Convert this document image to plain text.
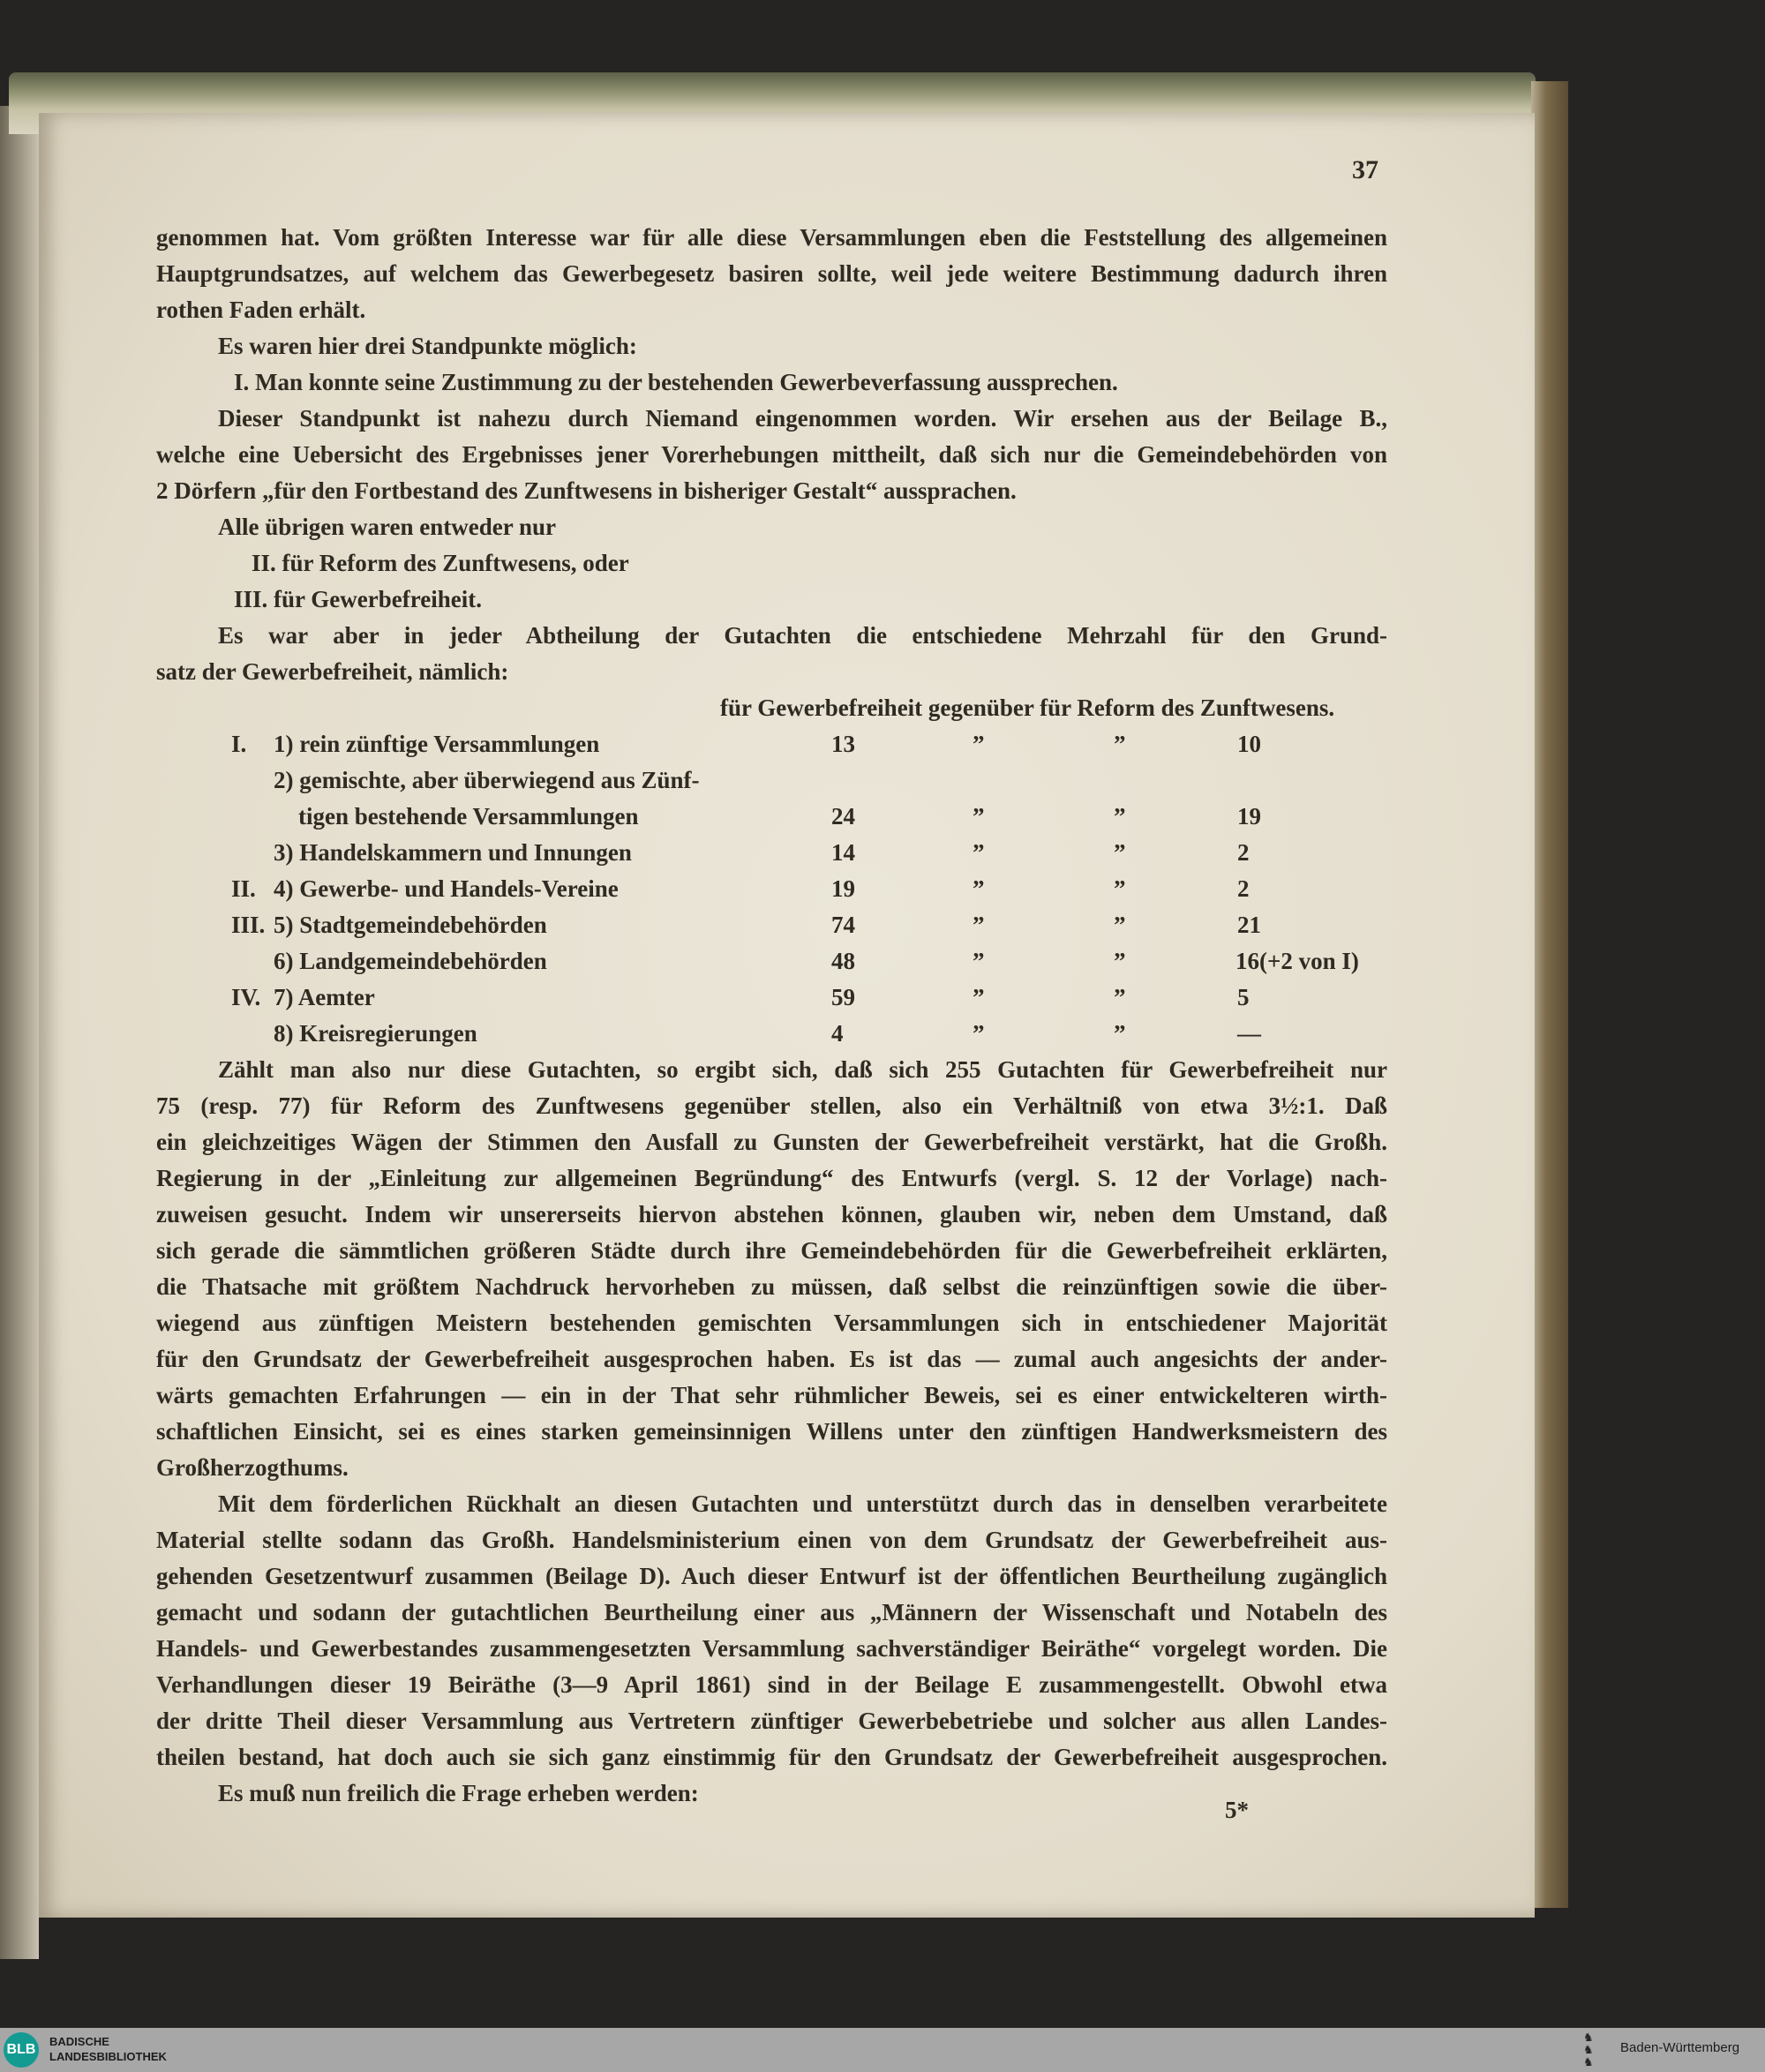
37
genommen hat. Vom größten Interesse war für alle diese Versammlungen eben die Feststellung des allgemeinen
Hauptgrundsatzes, auf welchem das Gewerbegesetz basiren sollte, weil jede weitere Bestimmung dadurch ihren
rothen Faden erhält.
Es waren hier drei Standpunkte möglich:
I. Man konnte seine Zustimmung zu der bestehenden Gewerbeverfassung aussprechen.
Dieser Standpunkt ist nahezu durch Niemand eingenommen worden. Wir ersehen aus der Beilage B.,
welche eine Uebersicht des Ergebnisses jener Vorerhebungen mittheilt, daß sich nur die Gemeindebehörden von
2 Dörfern „für den Fortbestand des Zunftwesens in bisheriger Gestalt“ aussprachen.
Alle übrigen waren entweder nur
II. für Reform des Zunftwesens, oder
III. für Gewerbefreiheit.
Es war aber in jeder Abtheilung der Gutachten die entschiedene Mehrzahl für den Grund-
satz der Gewerbefreiheit, nämlich:
für Gewerbefreiheit gegenüber für Reform des Zunftwesens.
I. 1) rein zünftige Versammlungen	13	”	”	10
2) gemischte, aber überwiegend aus Zünf-
tigen bestehende Versammlungen	24	”	”	19
3) Handelskammern und Innungen	14	”	”	2
II. 4) Gewerbe- und Handels-Vereine	19	”	”	2
III. 5) Stadtgemeindebehörden	74	”	”	21
6) Landgemeindebehörden	48	”	”	16(+2 von I)
IV. 7) Aemter	59	”	”	5
8) Kreisregierungen	4	”	”	—
Zählt man also nur diese Gutachten, so ergibt sich, daß sich 255 Gutachten für Gewerbefreiheit nur
75 (resp. 77) für Reform des Zunftwesens gegenüber stellen, also ein Verhältniß von etwa 3½:1. Daß
ein gleichzeitiges Wägen der Stimmen den Ausfall zu Gunsten der Gewerbefreiheit verstärkt, hat die Großh.
Regierung in der „Einleitung zur allgemeinen Begründung“ des Entwurfs (vergl. S. 12 der Vorlage) nach-
zuweisen gesucht. Indem wir unsererseits hiervon abstehen können, glauben wir, neben dem Umstand, daß
sich gerade die sämmtlichen größeren Städte durch ihre Gemeindebehörden für die Gewerbefreiheit erklärten,
die Thatsache mit größtem Nachdruck hervorheben zu müssen, daß selbst die reinzünftigen sowie die über-
wiegend aus zünftigen Meistern bestehenden gemischten Versammlungen sich in entschiedener Majorität
für den Grundsatz der Gewerbefreiheit ausgesprochen haben. Es ist das — zumal auch angesichts der ander-
wärts gemachten Erfahrungen — ein in der That sehr rühmlicher Beweis, sei es einer entwickelteren wirth-
schaftlichen Einsicht, sei es eines starken gemeinsinnigen Willens unter den zünftigen Handwerksmeistern des
Großherzogthums.
Mit dem förderlichen Rückhalt an diesen Gutachten und unterstützt durch das in denselben verarbeitete
Material stellte sodann das Großh. Handelsministerium einen von dem Grundsatz der Gewerbefreiheit aus-
gehenden Gesetzentwurf zusammen (Beilage D). Auch dieser Entwurf ist der öffentlichen Beurtheilung zugänglich
gemacht und sodann der gutachtlichen Beurtheilung einer aus „Männern der Wissenschaft und Notabeln des
Handels- und Gewerbestandes zusammengesetzten Versammlung sachverständiger Beiräthe“ vorgelegt worden. Die
Verhandlungen dieser 19 Beiräthe (3—9 April 1861) sind in der Beilage E zusammengestellt. Obwohl etwa
der dritte Theil dieser Versammlung aus Vertretern zünftiger Gewerbebetriebe und solcher aus allen Landes-
theilen bestand, hat doch auch sie sich ganz einstimmig für den Grundsatz der Gewerbefreiheit ausgesprochen.
Es muß nun freilich die Frage erheben werden:
5*
BLB
BADISCHE
LANDESBIBLIOTHEK
♞
♞
♞
Baden-Württemberg
